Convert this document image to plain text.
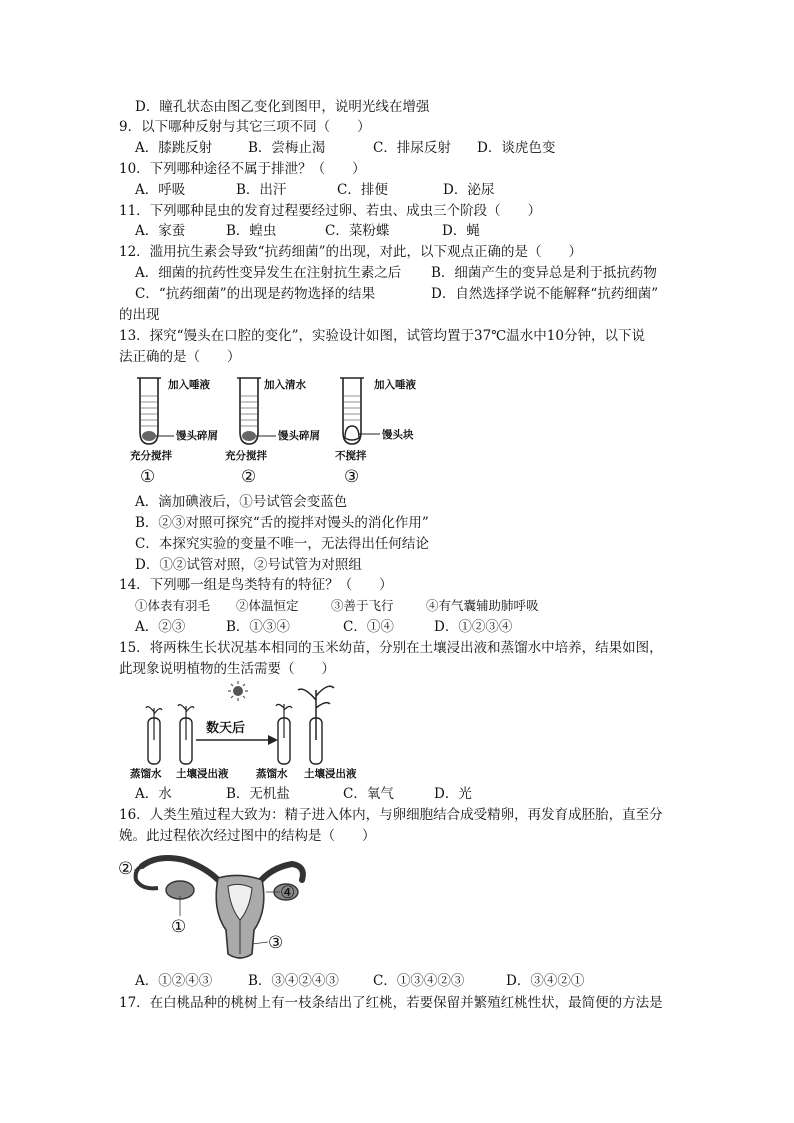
D．瞳孔状态由图乙变化到图甲，说明光线在增强
9．以下哪种反射与其它三项不同（　　）
A．膝跳反射	B．尝梅止渴	C．排尿反射 D．谈虎色变
10．下列哪种途径不属于排泄？（　　）
A．呼吸	B．出汗	C．排便	D．泌尿
11．下列哪种昆虫的发育过程要经过卵、若虫、成虫三个阶段（　　）
A．家蚕	B．蝗虫	C．菜粉蝶	D．蝇
12．滥用抗生素会导致“抗药细菌”的出现，对此，以下观点正确的是（　　）
A．细菌的抗药性变异发生在注射抗生素之后 B．细菌产生的变异总是利于抵抗药物
C．“抗药细菌”的出现是药物选择的结果	D．自然选择学说不能解释“抗药细菌”
的出现
13．探究“馒头在口腔的变化”，实验设计如图，试管均置于37℃温水中10分钟，以下说
法正确的是（　　）
加入唾液
馒头碎屑
充分搅拌
①
加入清水
馒头碎屑
充分搅拌
②
加入唾液
馒头块
不搅拌
③
A．滴加碘液后，①号试管会变蓝色
B．②③对照可探究“舌的搅拌对馒头的消化作用”
C．本探究实验的变量不唯一，无法得出任何结论
D．①②试管对照，②号试管为对照组
14．下列哪一组是鸟类特有的特征？（　　）
①体表有羽毛 ②体温恒定	③善于飞行	④有气囊辅助肺呼吸
A．②③	B．①③④	C．①④	D．①②③④
15．将两株生长状况基本相同的玉米幼苗，分别在土壤浸出液和蒸馏水中培养，结果如图，
此现象说明植物的生活需要（　　）
数天后
蒸馏水 土壤浸出液	蒸馏水 土壤浸出液
A．水	B．无机盐	C．氧气	D．光
16．人类生殖过程大致为：精子进入体内，与卵细胞结合成受精卵，再发育成胚胎，直至分
娩。此过程依次经过图中的结构是（　　）
②
①
④
③
A．①②④③	B．③④②④③	C．①③④②③	D．③④②①
17．在白桃品种的桃树上有一枝条结出了红桃，若要保留并繁殖红桃性状，最简便的方法是
